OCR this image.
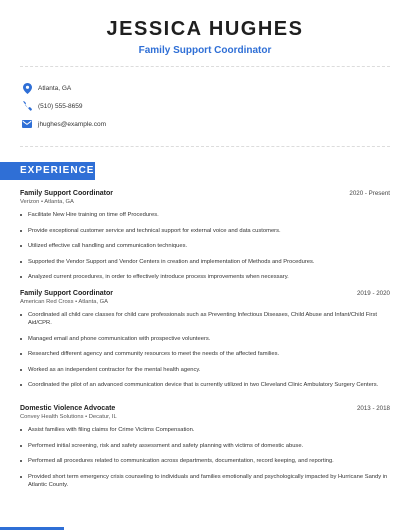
JESSICA HUGHES
Family Support Coordinator
Atlanta, GA
(510) 555-8659
jhughes@example.com
EXPERIENCE
Family Support Coordinator	2020 - Present
Verizon • Atlanta, GA
Facilitate New Hire training on time off Procedures.
Provide exceptional customer service and technical support for external voice and data customers.
Utilized effective call handling and communication techniques.
Supported the Vendor Support and Vendor Centers in creation and implementation of Methods and Procedures.
Analyzed current procedures, in order to effectively introduce process improvements when necessary.
Family Support Coordinator	2019 - 2020
American Red Cross • Atlanta, GA
Coordinated all child care classes for child care professionals such as Preventing Infectious Diseases, Child Abuse and Infant/Child First Aid/CPR.
Managed email and phone communication with prospective volunteers.
Researched different agency and community resources to meet the needs of the affected families.
Worked as an independent contractor for the mental health agency.
Coordinated the pilot of an advanced communication device that is currently utilized in two Cleveland Clinic Ambulatory Surgery Centers.
Domestic Violence Advocate	2013 - 2018
Convey Health Solutions • Decatur, IL
Assist families with filing claims for Crime Victims Compensation.
Performed initial screening, risk and safety assessment and safety planning with victims of domestic abuse.
Performed all procedures related to communication across departments, documentation, record keeping, and reporting.
Provided short term emergency crisis counseling to individuals and families emotionally and psychologically impacted by Hurricane Sandy in Atlantic County.
